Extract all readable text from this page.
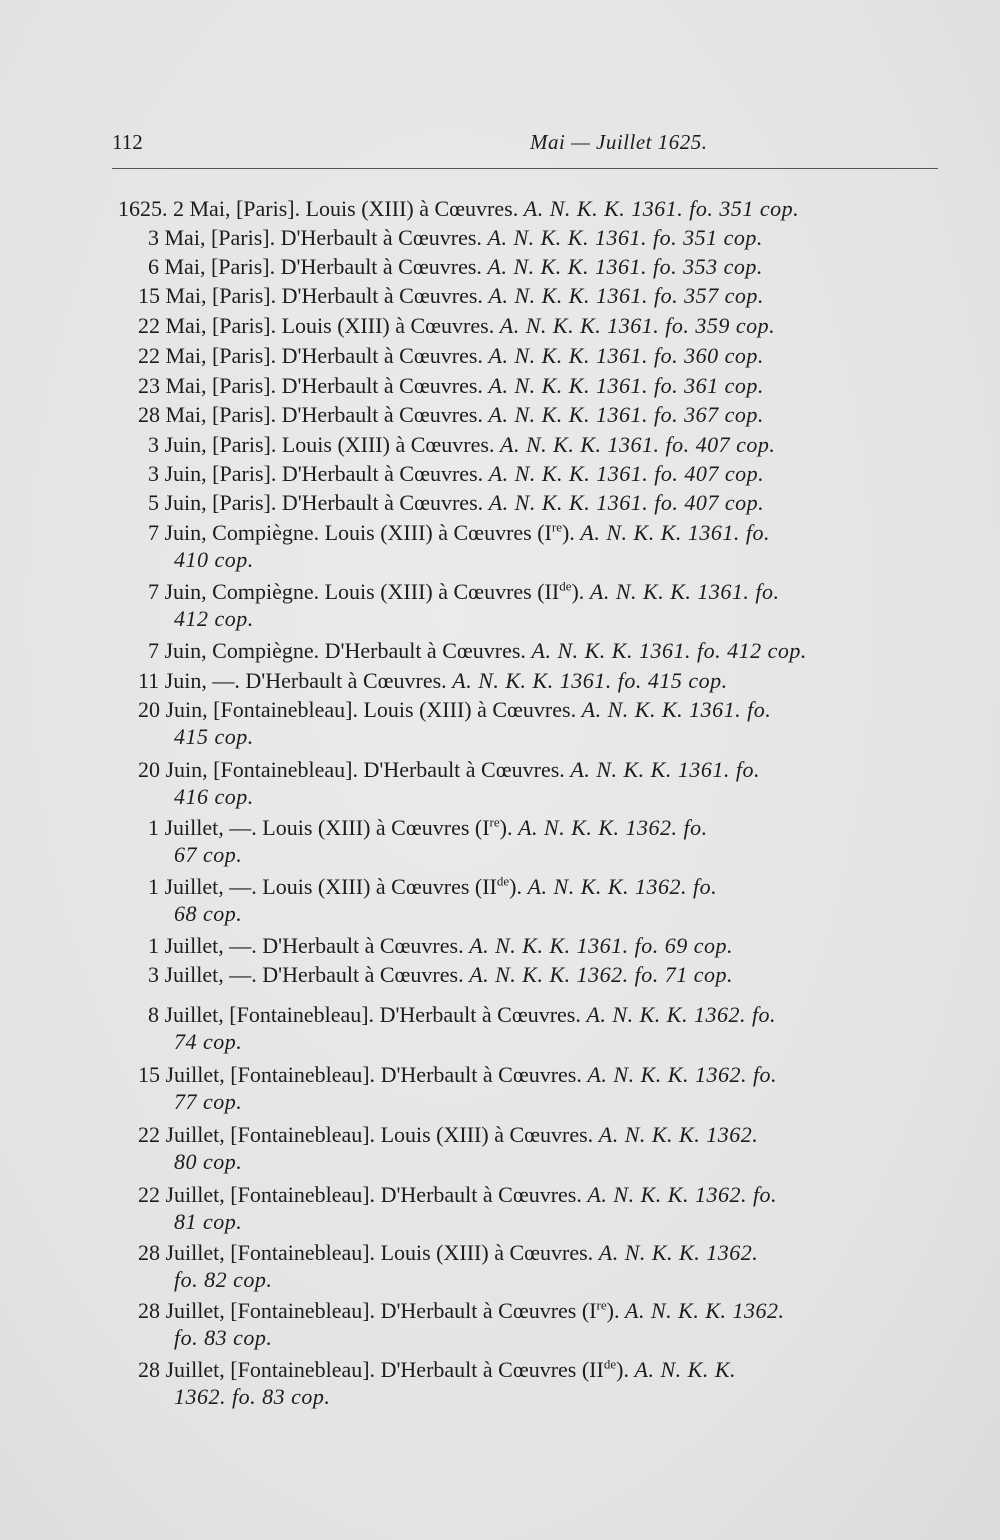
112	Mai — Juillet 1625.
1625. 2 Mai, [Paris]. Louis (XIII) à Cœuvres. A. N. K. K. 1361. fo. 351 cop.
3 Mai, [Paris]. D'Herbault à Cœuvres. A. N. K. K. 1361. fo. 351 cop.
6 Mai, [Paris]. D'Herbault à Cœuvres. A. N. K. K. 1361. fo. 353 cop.
15 Mai, [Paris]. D'Herbault à Cœuvres. A. N. K. K. 1361. fo. 357 cop.
22 Mai, [Paris]. Louis (XIII) à Cœuvres. A. N. K. K. 1361. fo. 359 cop.
22 Mai, [Paris]. D'Herbault à Cœuvres. A. N. K. K. 1361. fo. 360 cop.
23 Mai, [Paris]. D'Herbault à Cœuvres. A. N. K. K. 1361. fo. 361 cop.
28 Mai, [Paris]. D'Herbault à Cœuvres. A. N. K. K. 1361. fo. 367 cop.
3 Juin, [Paris]. Louis (XIII) à Cœuvres. A. N. K. K. 1361. fo. 407 cop.
3 Juin, [Paris]. D'Herbault à Cœuvres. A. N. K. K. 1361. fo. 407 cop.
5 Juin, [Paris]. D'Herbault à Cœuvres. A. N. K. K. 1361. fo. 407 cop.
7 Juin, Compiègne. Louis (XIII) à Cœuvres (Ire). A. N. K. K. 1361. fo.
410 cop.
7 Juin, Compiègne. Louis (XIII) à Cœuvres (IIde). A. N. K. K. 1361. fo.
412 cop.
7 Juin, Compiègne. D'Herbault à Cœuvres. A. N. K. K. 1361. fo. 412 cop.
11 Juin, —. D'Herbault à Cœuvres. A. N. K. K. 1361. fo. 415 cop.
20 Juin, [Fontainebleau]. Louis (XIII) à Cœuvres. A. N. K. K. 1361. fo.
415 cop.
20 Juin, [Fontainebleau]. D'Herbault à Cœuvres. A. N. K. K. 1361. fo.
416 cop.
1 Juillet, —. Louis (XIII) à Cœuvres (Ire). A. N. K. K. 1362. fo.
67 cop.
1 Juillet, —. Louis (XIII) à Cœuvres (IIde). A. N. K. K. 1362. fo.
68 cop.
1 Juillet, —. D'Herbault à Cœuvres. A. N. K. K. 1361. fo. 69 cop.
3 Juillet, —. D'Herbault à Cœuvres. A. N. K. K. 1362. fo. 71 cop.
8 Juillet, [Fontainebleau]. D'Herbault à Cœuvres. A. N. K. K. 1362. fo.
74 cop.
15 Juillet, [Fontainebleau]. D'Herbault à Cœuvres. A. N. K. K. 1362. fo.
77 cop.
22 Juillet, [Fontainebleau]. Louis (XIII) à Cœuvres. A. N. K. K. 1362.
80 cop.
22 Juillet, [Fontainebleau]. D'Herbault à Cœuvres. A. N. K. K. 1362. fo.
81 cop.
28 Juillet, [Fontainebleau]. Louis (XIII) à Cœuvres. A. N. K. K. 1362.
fo. 82 cop.
28 Juillet, [Fontainebleau]. D'Herbault à Cœuvres (Ire). A. N. K. K. 1362.
fo. 83 cop.
28 Juillet, [Fontainebleau]. D'Herbault à Cœuvres (IIde). A. N. K. K.
1362. fo. 83 cop.
